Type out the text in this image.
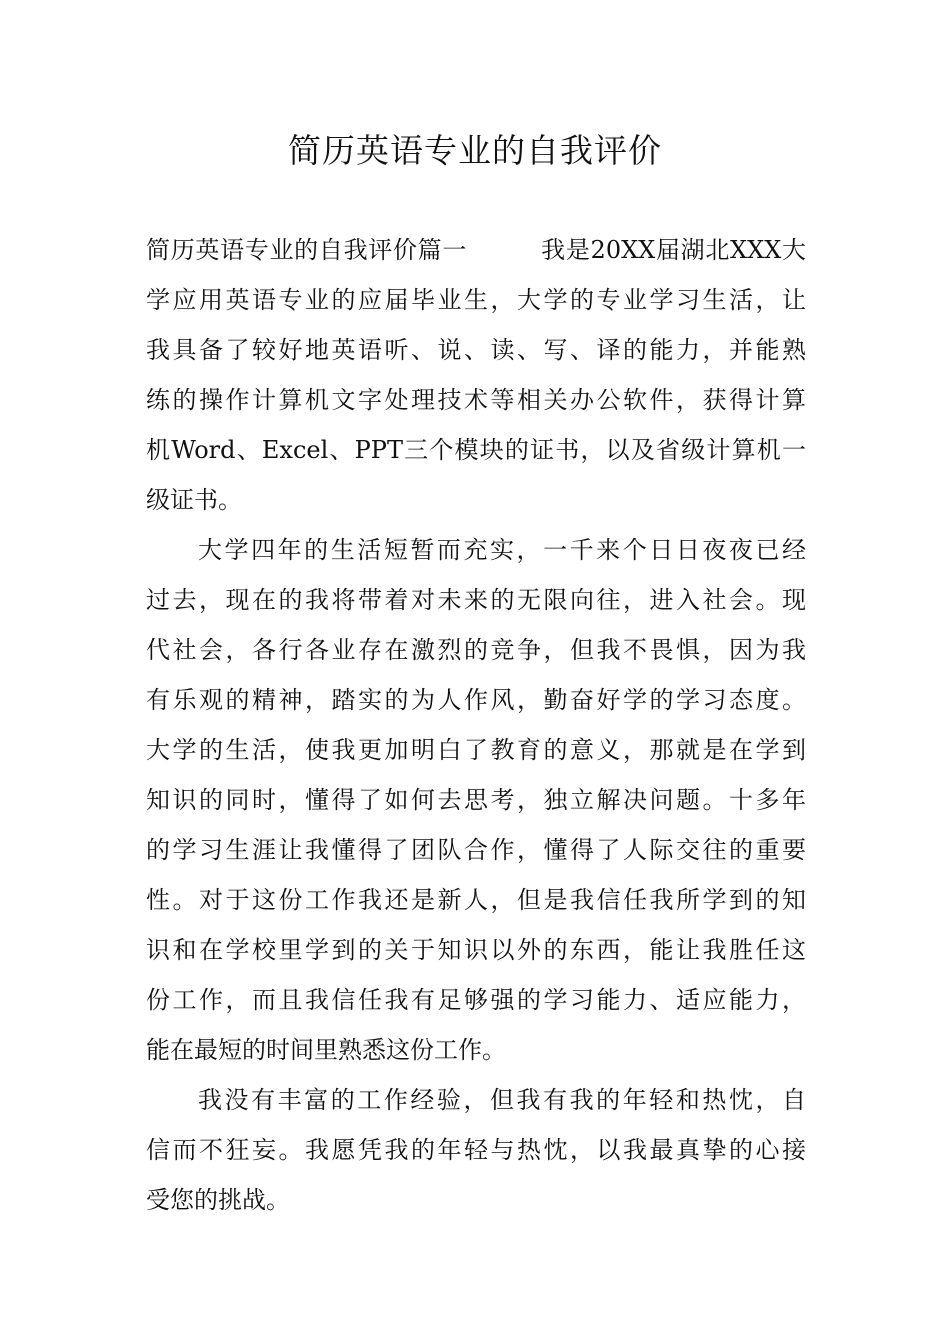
简历英语专业的自我评价
简历英语专业的自我评价篇一　　　我是20XX届湖北XXX大
学应用英语专业的应届毕业生，大学的专业学习生活，让
我具备了较好地英语听、说、读、写、译的能力，并能熟
练的操作计算机文字处理技术等相关办公软件，获得计算
机Word、Excel、PPT三个模块的证书，以及省级计算机一
级证书。
大学四年的生活短暂而充实，一千来个日日夜夜已经
过去，现在的我将带着对未来的无限向往，进入社会。现
代社会，各行各业存在激烈的竞争，但我不畏惧，因为我
有乐观的精神，踏实的为人作风，勤奋好学的学习态度。
大学的生活，使我更加明白了教育的意义，那就是在学到
知识的同时，懂得了如何去思考，独立解决问题。十多年
的学习生涯让我懂得了团队合作，懂得了人际交往的重要
性。对于这份工作我还是新人，但是我信任我所学到的知
识和在学校里学到的关于知识以外的东西，能让我胜任这
份工作，而且我信任我有足够强的学习能力、适应能力，
能在最短的时间里熟悉这份工作。
我没有丰富的工作经验，但我有我的年轻和热忱，自
信而不狂妄。我愿凭我的年轻与热忱，以我最真挚的心接
受您的挑战。
